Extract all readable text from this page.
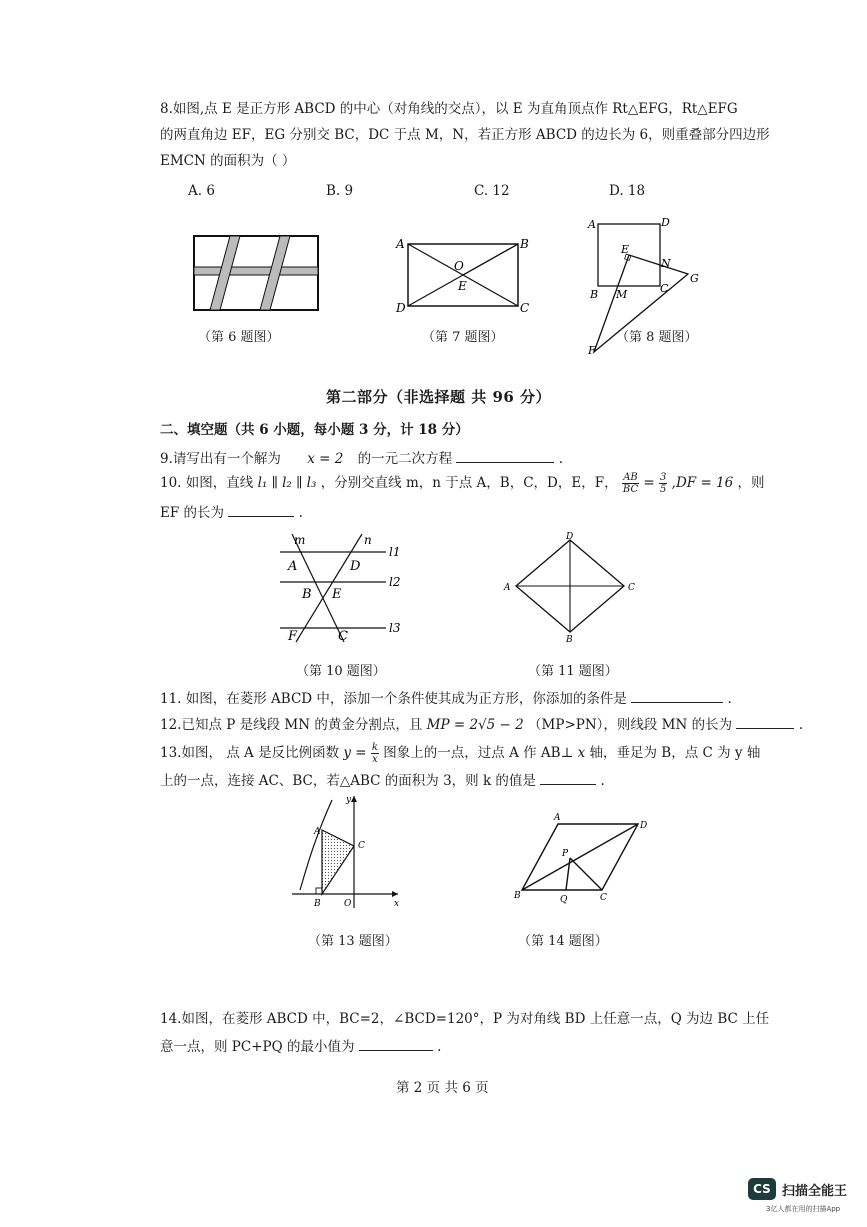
8.如图,点 E 是正方形 ABCD 的中心（对角线的交点），以 E 为直角顶点作 Rt△EFG，Rt△EFG
的两直角边 EF，EG 分别交 BC，DC 于点 M，N，若正方形 ABCD 的边长为 6，则重叠部分四边形
EMCN 的面积为（ ）
A. 6	B. 9	C. 12	D. 18
（第 6 题图）
A	B
C
D
O
E
（第 7 题图）
A	D
E
N
G
B M	C
F
（第 8 题图）
第二部分（非选择题 共 96 分）
二、填空题（共 6 小题，每小题 3 分，计 18 分）
9.请写出有一个解为 x = 2 的一元二次方程	.
10. 如图，直线 l₁ ∥ l₂ ∥ l₃ ，分别交直线 m，n 于点 A，B，C，D，E，F， $\frac{AB}{BC} = \frac{3}{5} ,DF = 16$ ，则
EF 的长为	.
m	n
l1
A	D
l2
B E
F	C
l3
（第 10 题图）
D
A	C
B
（第 11 题图）
11. 如图，在菱形 ABCD 中，添加一个条件使其成为正方形，你添加的条件是	.
12.已知点 P 是线段 MN 的黄金分割点，且 MP = 2√5 − 2 （MP>PN），则线段 MN 的长为	.
13.如图， 点 A 是反比例函数 $y = \frac{k}{x}$ 图象上的一点，过点 A 作 AB⊥ x 轴，垂足为 B，点 C 为 y 轴
上的一点，连接 AC、BC，若△ABC 的面积为 3，则 k 的值是	.
y
A
C
B	O	x
（第 13 题图）
A
D
P
B	Q	C
（第 14 题图）
14.如图，在菱形 ABCD 中，BC=2，∠BCD=120°，P 为对角线 BD 上任意一点，Q 为边 BC 上任
意一点，则 PC+PQ 的最小值为	.
第 2 页 共 6 页
CS 扫描全能王
3亿人都在用的扫描App
